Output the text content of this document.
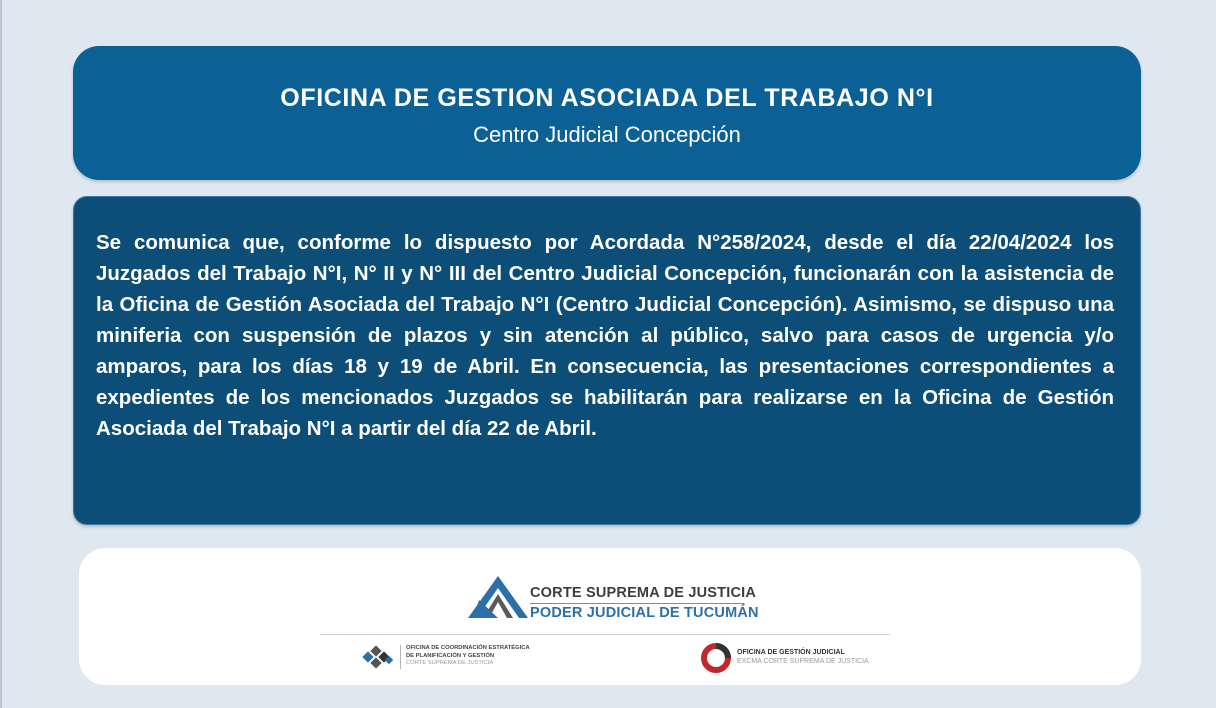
OFICINA DE GESTION ASOCIADA DEL TRABAJO N°I
Centro Judicial Concepción

Se comunica que, conforme lo dispuesto por Acordada N°258/2024, desde el día 22/04/2024 los Juzgados del Trabajo N°I, N° II y N° III del Centro Judicial Concepción, funcionarán con la asistencia de la Oficina de Gestión Asociada del Trabajo N°I (Centro Judicial Concepción). Asimismo, se dispuso una miniferia con suspensión de plazos y sin atención al público, salvo para casos de urgencia y/o amparos, para los días 18 y 19 de Abril. En consecuencia, las presentaciones correspondientes a expedientes de los mencionados Juzgados se habilitarán para realizarse en la Oficina de Gestión Asociada del Trabajo N°I a partir del día 22 de Abril.

CORTE SUPREMA DE JUSTICIA
PODER JUDICIAL DE TUCUMÁN
OFICINA DE COORDINACIÓN ESTRATÉGICA
DE PLANIFICACIÓN Y GESTIÓN
CORTE SUPREMA DE JUSTICIA
OFICINA DE GESTIÓN JUDICIAL
EXCMA CORTE SUPREMA DE JUSTICIA
